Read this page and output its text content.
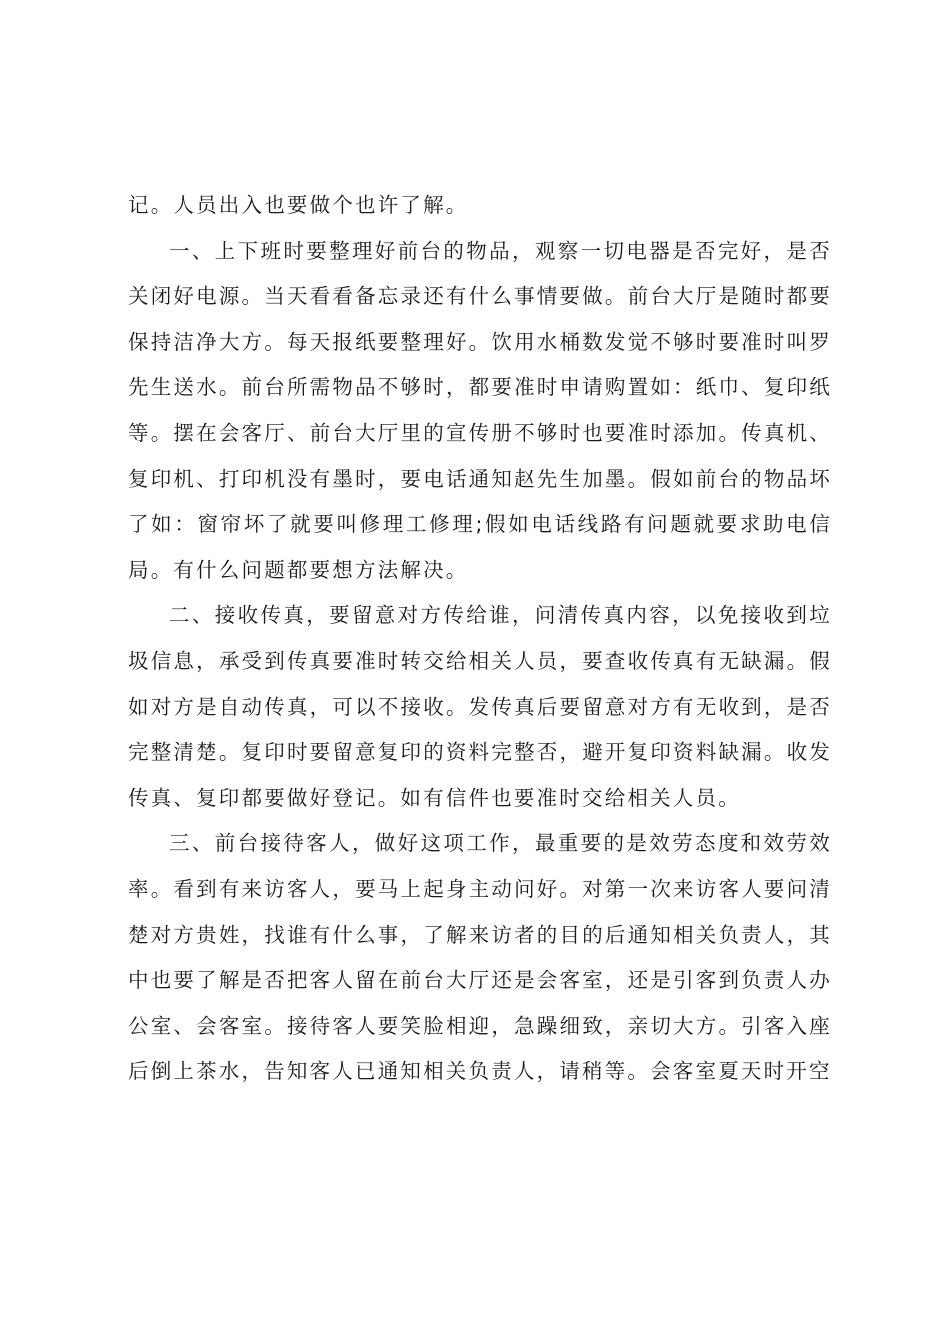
记。人员出入也要做个也许了解。

一、上下班时要整理好前台的物品，观察一切电器是否完好，是否关闭好电源。当天看看备忘录还有什么事情要做。前台大厅是随时都要保持洁净大方。每天报纸要整理好。饮用水桶数发觉不够时要准时叫罗先生送水。前台所需物品不够时，都要准时申请购置如：纸巾、复印纸等。摆在会客厅、前台大厅里的宣传册不够时也要准时添加。传真机、复印机、打印机没有墨时，要电话通知赵先生加墨。假如前台的物品坏了如：窗帘坏了就要叫修理工修理;假如电话线路有问题就要求助电信局。有什么问题都要想方法解决。

二、接收传真，要留意对方传给谁，问清传真内容，以免接收到垃圾信息，承受到传真要准时转交给相关人员，要查收传真有无缺漏。假如对方是自动传真，可以不接收。发传真后要留意对方有无收到，是否完整清楚。复印时要留意复印的资料完整否，避开复印资料缺漏。收发传真、复印都要做好登记。如有信件也要准时交给相关人员。

三、前台接待客人，做好这项工作，最重要的是效劳态度和效劳效率。看到有来访客人，要马上起身主动问好。对第一次来访客人要问清楚对方贵姓，找谁有什么事，了解来访者的目的后通知相关负责人，其中也要了解是否把客人留在前台大厅还是会客室，还是引客到负责人办公室、会客室。接待客人要笑脸相迎，急躁细致，亲切大方。引客入座后倒上茶水，告知客人已通知相关负责人，请稍等。会客室夏天时开空
